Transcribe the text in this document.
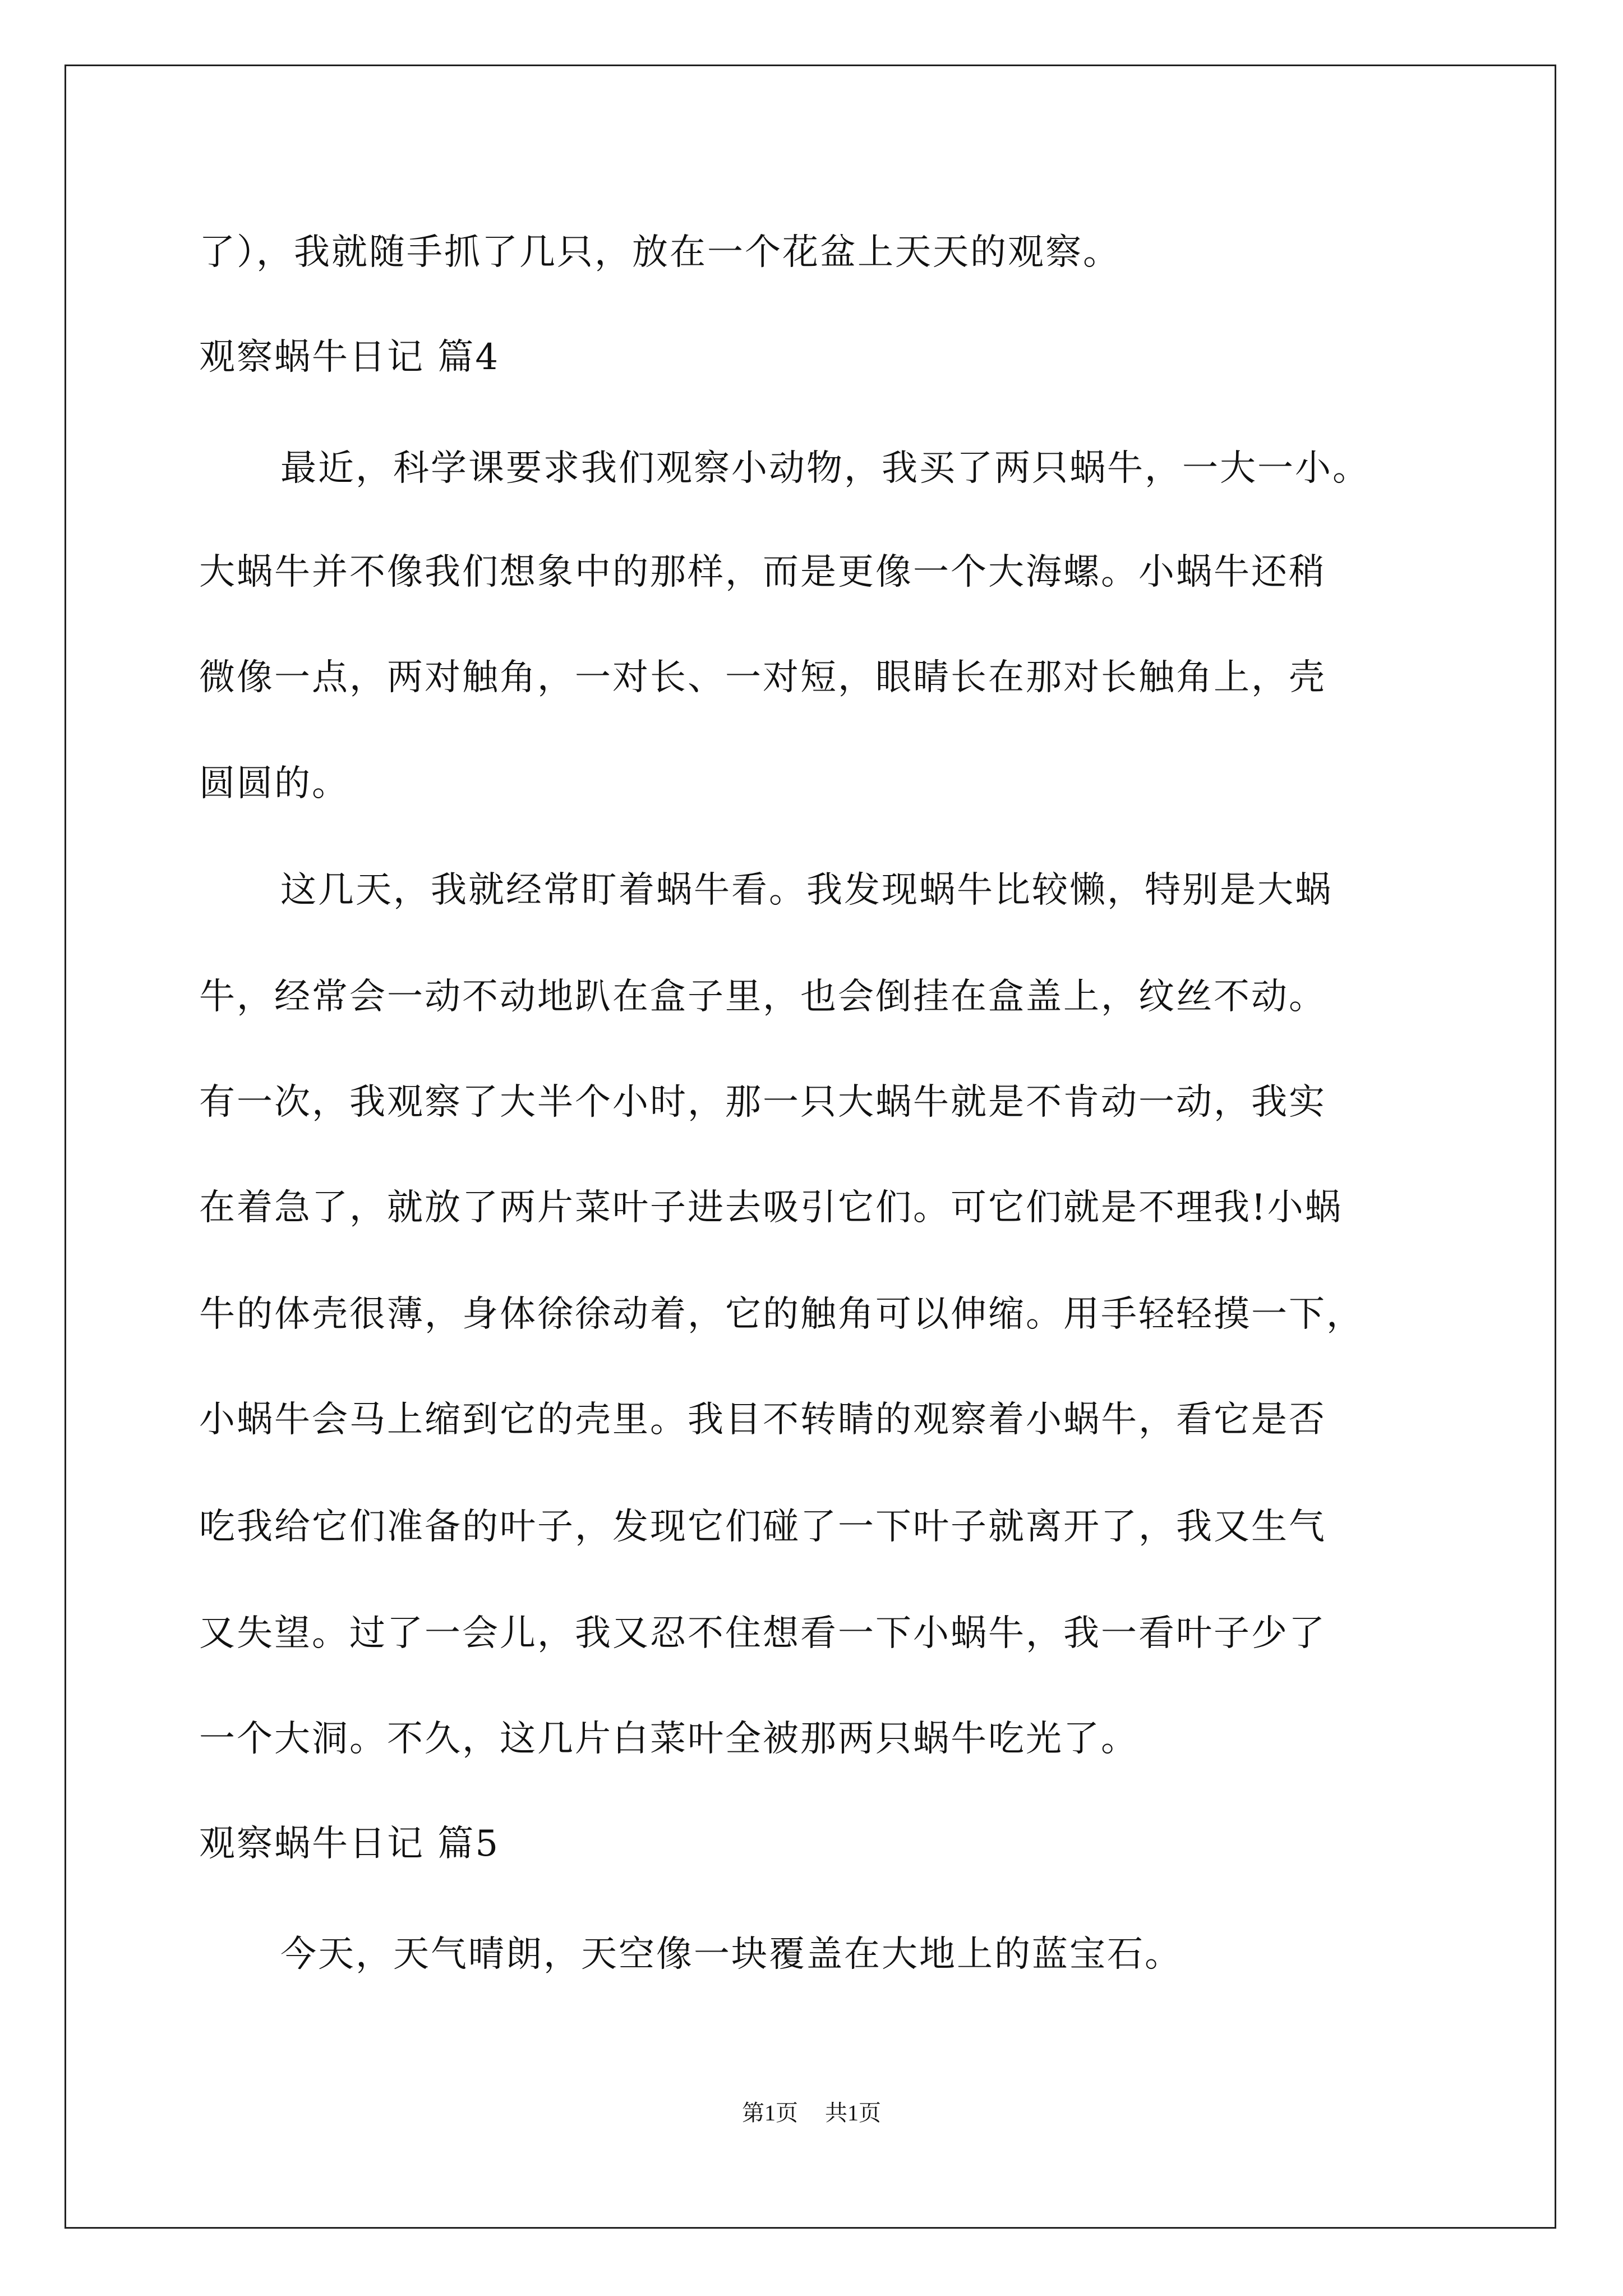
了），我就随手抓了几只，放在一个花盆上天天的观察。
观察蜗牛日记 篇4
最近，科学课要求我们观察小动物，我买了两只蜗牛，一大一小。
大蜗牛并不像我们想象中的那样，而是更像一个大海螺。小蜗牛还稍
微像一点，两对触角，一对长、一对短，眼睛长在那对长触角上，壳
圆圆的。
这几天，我就经常盯着蜗牛看。我发现蜗牛比较懒，特别是大蜗
牛，经常会一动不动地趴在盒子里，也会倒挂在盒盖上，纹丝不动。
有一次，我观察了大半个小时，那一只大蜗牛就是不肯动一动，我实
在着急了，就放了两片菜叶子进去吸引它们。可它们就是不理我!小蜗
牛的体壳很薄，身体徐徐动着，它的触角可以伸缩。用手轻轻摸一下，
小蜗牛会马上缩到它的壳里。我目不转睛的观察着小蜗牛，看它是否
吃我给它们准备的叶子，发现它们碰了一下叶子就离开了，我又生气
又失望。过了一会儿，我又忍不住想看一下小蜗牛，我一看叶子少了
一个大洞。不久，这几片白菜叶全被那两只蜗牛吃光了。
观察蜗牛日记 篇5
今天，天气晴朗，天空像一块覆盖在大地上的蓝宝石。
第1页 共1页
